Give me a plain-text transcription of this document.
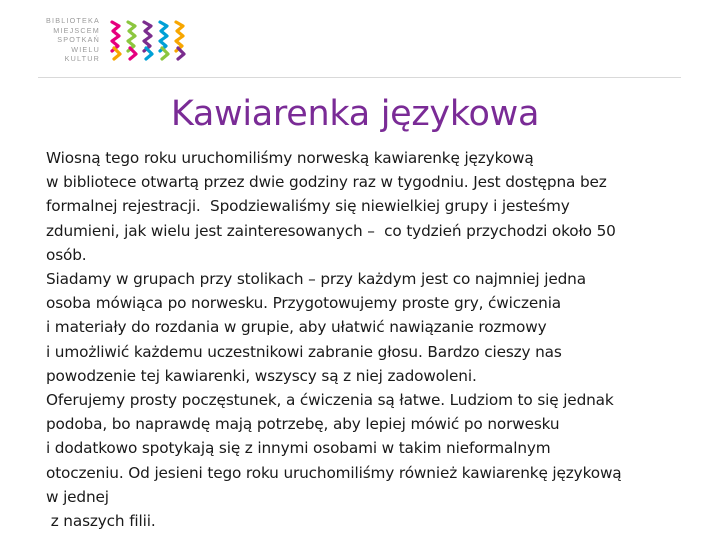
BIBLIOTEKA
MIEJSCEM
SPOTKAŃ
WIELU
KULTUR
Kawiarenka językowa
Wiosną tego roku uruchomiliśmy norweską kawiarenkę językową
w bibliotece otwartą przez dwie godziny raz w tygodniu. Jest dostępna bez
formalnej rejestracji.  Spodziewaliśmy się niewielkiej grupy i jesteśmy
zdumieni, jak wielu jest zainteresowanych –  co tydzień przychodzi około 50
osób.
Siadamy w grupach przy stolikach – przy każdym jest co najmniej jedna
osoba mówiąca po norwesku. Przygotowujemy proste gry, ćwiczenia
i materiały do rozdania w grupie, aby ułatwić nawiązanie rozmowy
i umożliwić każdemu uczestnikowi zabranie głosu. Bardzo cieszy nas
powodzenie tej kawiarenki, wszyscy są z niej zadowoleni.
Oferujemy prosty poczęstunek, a ćwiczenia są łatwe. Ludziom to się jednak
podoba, bo naprawdę mają potrzebę, aby lepiej mówić po norwesku
i dodatkowo spotykają się z innymi osobami w takim nieformalnym
otoczeniu. Od jesieni tego roku uruchomiliśmy również kawiarenkę językową
w jednej
z naszych filii.
